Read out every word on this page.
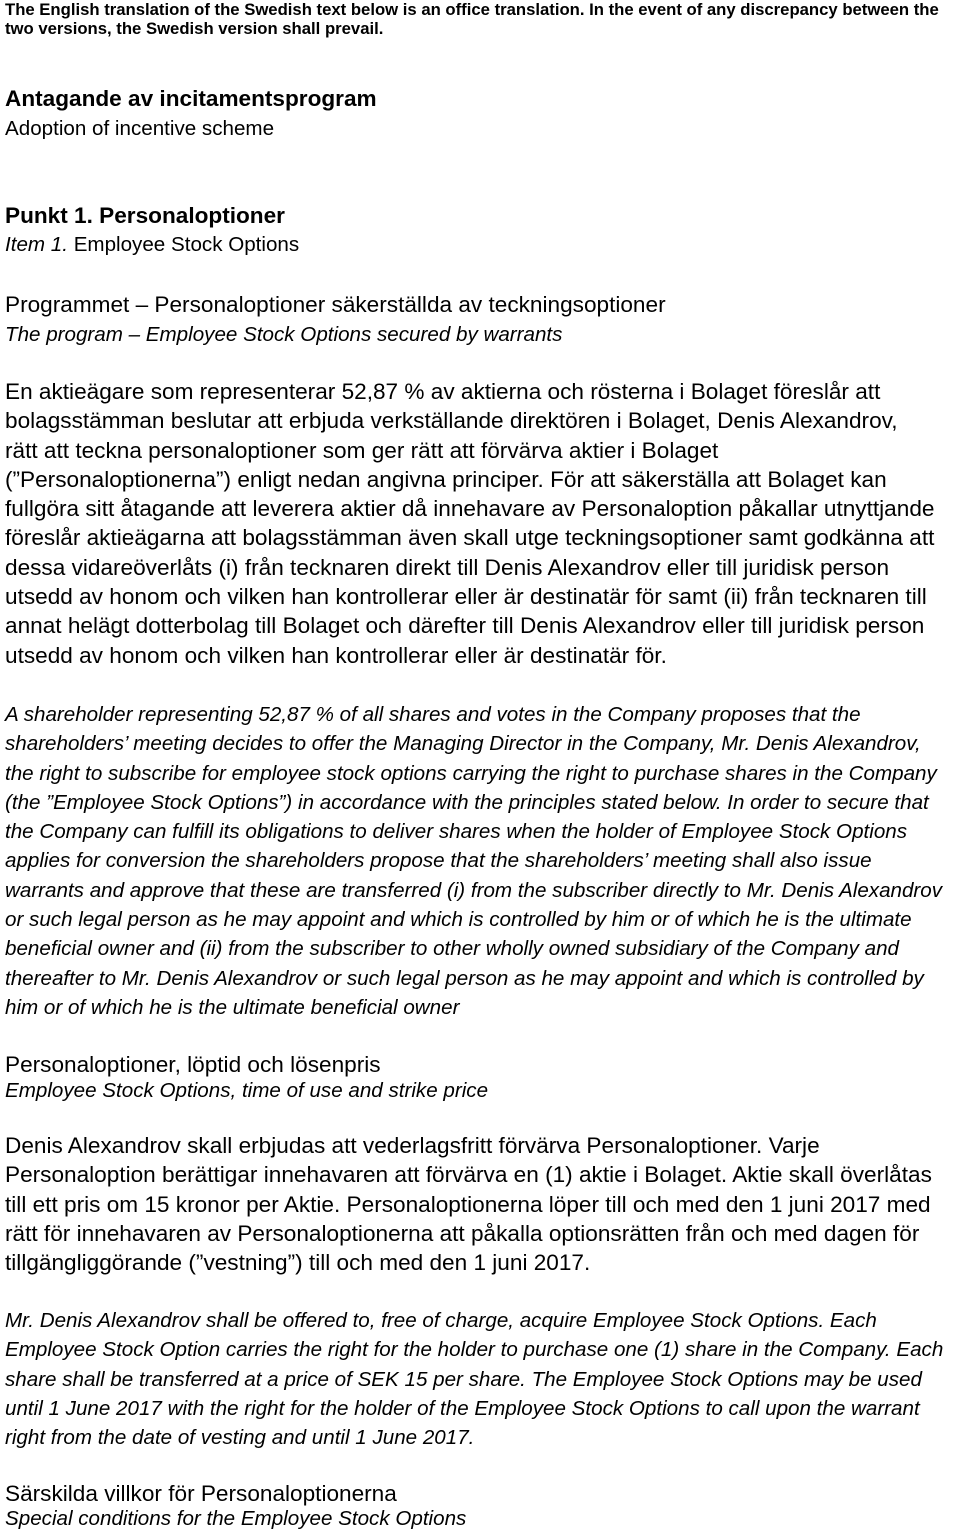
The English translation of the Swedish text below is an office translation. In the event of any discrepancy between the
two versions, the Swedish version shall prevail.
Antagande av incitamentsprogram
Adoption of incentive scheme
Punkt 1. Personaloptioner
Item 1. Employee Stock Options
Programmet – Personaloptioner säkerställda av teckningsoptioner
The program – Employee Stock Options secured by warrants
En aktieägare som representerar 52,87 % av aktierna och rösterna i Bolaget föreslår att
bolagsstämman beslutar att erbjuda verkställande direktören i Bolaget, Denis Alexandrov,
rätt att teckna personaloptioner som ger rätt att förvärva aktier i Bolaget
(”Personaloptionerna”) enligt nedan angivna principer. För att säkerställa att Bolaget kan
fullgöra sitt åtagande att leverera aktier då innehavare av Personaloption påkallar utnyttjande
föreslår aktieägarna att bolagsstämman även skall utge teckningsoptioner samt godkänna att
dessa vidareöverlåts (i) från tecknaren direkt till Denis Alexandrov eller till juridisk person
utsedd av honom och vilken han kontrollerar eller är destinatär för samt (ii) från tecknaren till
annat helägt dotterbolag till Bolaget och därefter till Denis Alexandrov eller till juridisk person
utsedd av honom och vilken han kontrollerar eller är destinatär för.
A shareholder representing 52,87 % of all shares and votes in the Company proposes that the
shareholders’ meeting decides to offer the Managing Director in the Company, Mr. Denis Alexandrov,
the right to subscribe for employee stock options carrying the right to purchase shares in the Company
(the ”Employee Stock Options”) in accordance with the principles stated below. In order to secure that
the Company can fulfill its obligations to deliver shares when the holder of Employee Stock Options
applies for conversion the shareholders propose that the shareholders’ meeting shall also issue
warrants and approve that these are transferred (i) from the subscriber directly to Mr. Denis Alexandrov
or such legal person as he may appoint and which is controlled by him or of which he is the ultimate
beneficial owner and (ii) from the subscriber to other wholly owned subsidiary of the Company and
thereafter to Mr. Denis Alexandrov or such legal person as he may appoint and which is controlled by
him or of which he is the ultimate beneficial owner
Personaloptioner, löptid och lösenpris
Employee Stock Options, time of use and strike price
Denis Alexandrov skall erbjudas att vederlagsfritt förvärva Personaloptioner. Varje
Personaloption berättigar innehavaren att förvärva en (1) aktie i Bolaget. Aktie skall överlåtas
till ett pris om 15 kronor per Aktie. Personaloptionerna löper till och med den 1 juni 2017 med
rätt för innehavaren av Personaloptionerna att påkalla optionsrätten från och med dagen för
tillgängliggörande (”vestning”) till och med den 1 juni 2017.
Mr. Denis Alexandrov shall be offered to, free of charge, acquire Employee Stock Options. Each
Employee Stock Option carries the right for the holder to purchase one (1) share in the Company. Each
share shall be transferred at a price of SEK 15 per share. The Employee Stock Options may be used
until 1 June 2017 with the right for the holder of the Employee Stock Options to call upon the warrant
right from the date of vesting and until 1 June 2017.
Särskilda villkor för Personaloptionerna
Special conditions for the Employee Stock Options
